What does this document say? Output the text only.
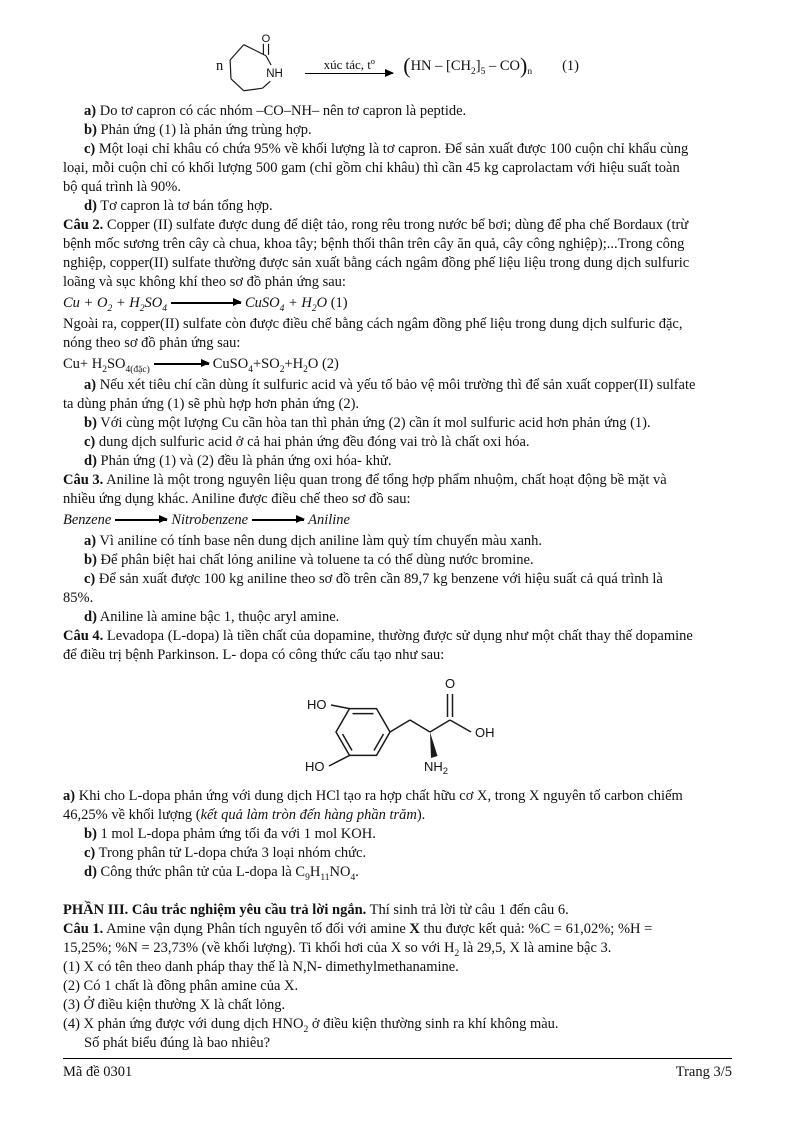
n
O
NH
xúc tác, tº $(HN - [CH_2]_5 - CO)_n$ (1)

a) Do tơ capron có các nhóm –CO–NH– nên tơ capron là peptide.

b) Phản ứng (1) là phản ứng trùng hợp.

c) Một loại chỉ khâu có chứa 95% về khối lượng là tơ capron. Để sản xuất được 100 cuộn chỉ khẩu cùng

loại, mỗi cuộn chỉ có khối lượng 500 gam (chỉ gồm chỉ khâu) thì cần 45 kg caprolactam với hiệu suất toàn

bộ quá trình là 90%.

d) Tơ capron là tơ bán tổng hợp.

Câu 2. Copper (II) sulfate được dung để diệt tảo, rong rêu trong nước bể bơi; dùng để pha chế Bordaux (trừ

bệnh mốc sương trên cây cà chua, khoa tây; bệnh thối thân trên cây ăn quả, cây công nghiệp);...Trong công

nghiệp, copper(II) sulfate thường được sản xuất bằng cách ngâm đồng phế liệu liệu trong dung dịch sulfuric

loãng và sục không khí theo sơ đồ phản ứng sau:

$Cu + O_2 + H_2SO_4$	CuSO$_4$ + $H_2O$ (1)

Ngoài ra, copper(II) sulfate còn được điều chế bằng cách ngâm đồng phế liệu trong dung dịch sulfuric đặc,

nóng theo sơ đồ phản ứng sau:

$Cu+ H_2SO_{4(đặc)}$ → $CuSO_4+SO_2+H_2O$ (2)

a) Nếu xét tiêu chí cần dùng ít sulfuric acid và yếu tố bảo vệ môi trường thì để sản xuất copper(II) sulfate

ta dùng phản ứng (1) sẽ phù hợp hơn phản ứng (2).

b) Với cùng một lượng Cu cần hòa tan thì phản ứng (2) cần ít mol sulfuric acid hơn phản ứng (1).

c) dung dịch sulfuric acid ở cả hai phản ứng đều đóng vai trò là chất oxi hóa.

d) Phản ứng (1) và (2) đều là phản ứng oxi hóa- khử.

Câu 3. Aniline là một trong nguyên liệu quan trong để tổng hợp phẩm nhuộm, chất hoạt động bề mặt và

nhiều ứng dụng khác. Aniline được điều chế theo sơ đồ sau:

Benzene → Nitrobenzene → Aniline

a) Vì aniline có tính base nên dung dịch aniline làm quỳ tím chuyển màu xanh.

b) Để phân biệt hai chất lỏng aniline và toluene ta có thể dùng nước bromine.

c) Để sản xuất được 100 kg aniline theo sơ đồ trên cần 89,7 kg benzene với hiệu suất cả quá trình là

85%.

d) Aniline là amine bậc 1, thuộc aryl amine.

Câu 4. Levadopa (L-dopa) là tiền chất của dopamine, thường được sử dụng như một chất thay thế dopamine

để điều trị bệnh Parkinson. L- dopa có công thức cấu tạo như sau:

HO
HO
O
OH
$NH_2$

a) Khi cho L-dopa phản ứng với dung dịch HCl tạo ra hợp chất hữu cơ X, trong X nguyên tố carbon chiếm

46,25% về khối lượng (kết quả làm tròn đến hàng phần trăm).

b) 1 mol L-dopa phảm ứng tối đa với 1 mol KOH.

c) Trong phân tử L-dopa chứa 3 loại nhóm chức.

d) Công thức phân tử của L-dopa là $C_9H_{11}NO_4$.

PHẦN III. Câu trắc nghiệm yêu cầu trả lời ngắn. Thí sinh trả lời từ câu 1 đến câu 6.

Câu 1. Amine vận dụng Phân tích nguyên tố đối với amine X thu được kết quả: %C = 61,02%; %H =

15,25%; %N = 23,73% (về khối lượng). Ti khối hơi của X so với $H_2$ là 29,5, X là amine bậc 3.

(1) X có tên theo danh pháp thay thế là N,N- dimethylmethanamine.

(2) Có 1 chất là đồng phân amine của X.

(3) Ở điều kiện thường X là chất lỏng.

(4) X phản ứng được với dung dịch $HNO_2$ ở điều kiện thường sinh ra khí không màu.

Số phát biểu đúng là bao nhiêu?

Mã đề 0301	Trang 3/5
